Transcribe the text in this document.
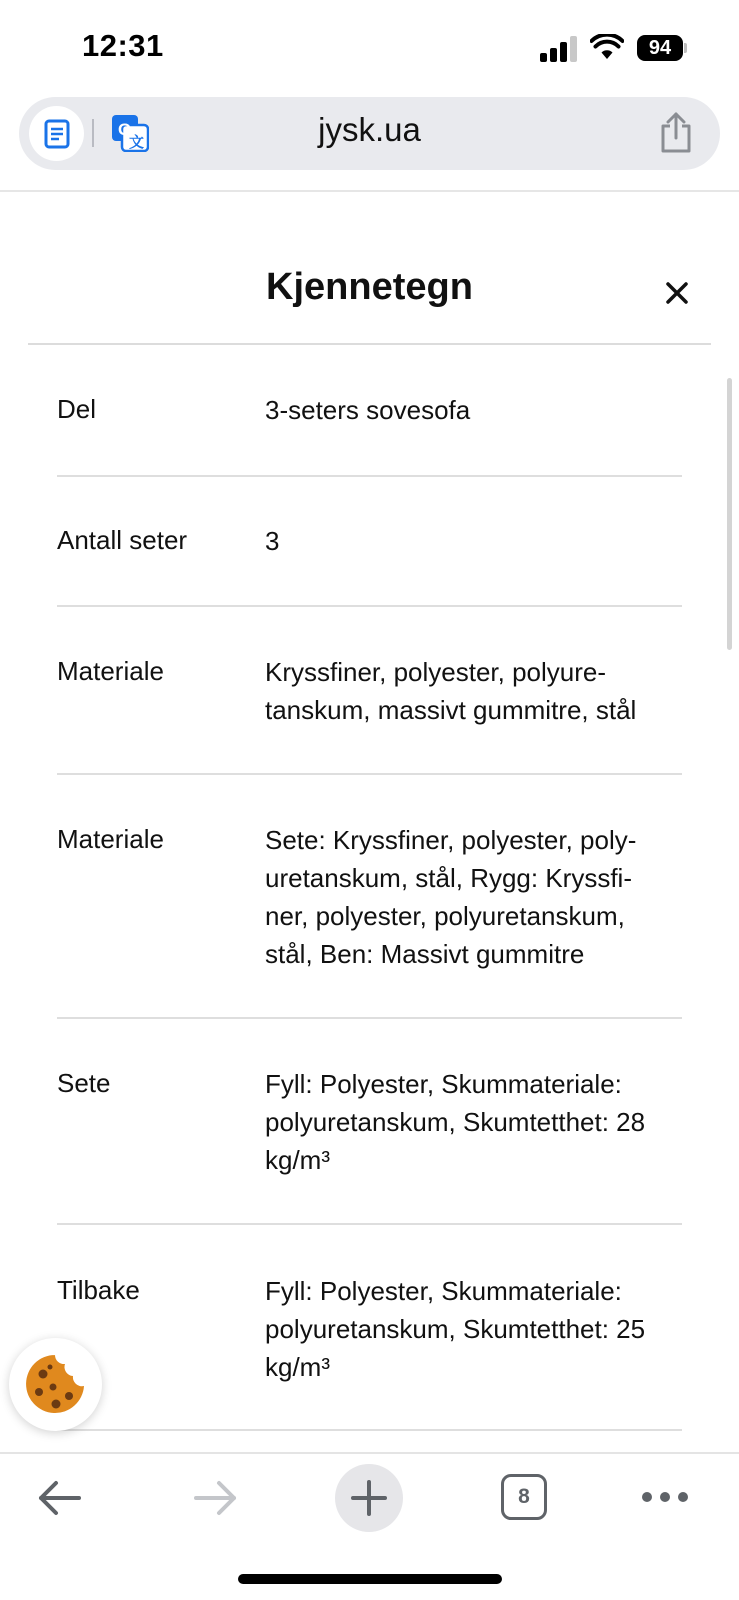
12:31	94
jysk.ua
G
文
Kjennetegn
Del	3-seters sovesofa
Antall seter	3
Materiale	Kryssfiner, polyester, polyure-
tanskum, massivt gummitre, stål
Materiale	Sete: Kryssfiner, polyester, poly-
uretanskum, stål, Rygg: Kryssfi-
ner, polyester, polyuretanskum,
stål, Ben: Massivt gummitre
Sete	Fyll: Polyester, Skummateriale:
polyuretanskum, Skumtetthet: 28
kg/m³
Tilbake	Fyll: Polyester, Skummateriale:
polyuretanskum, Skumtetthet: 25
kg/m³
8
